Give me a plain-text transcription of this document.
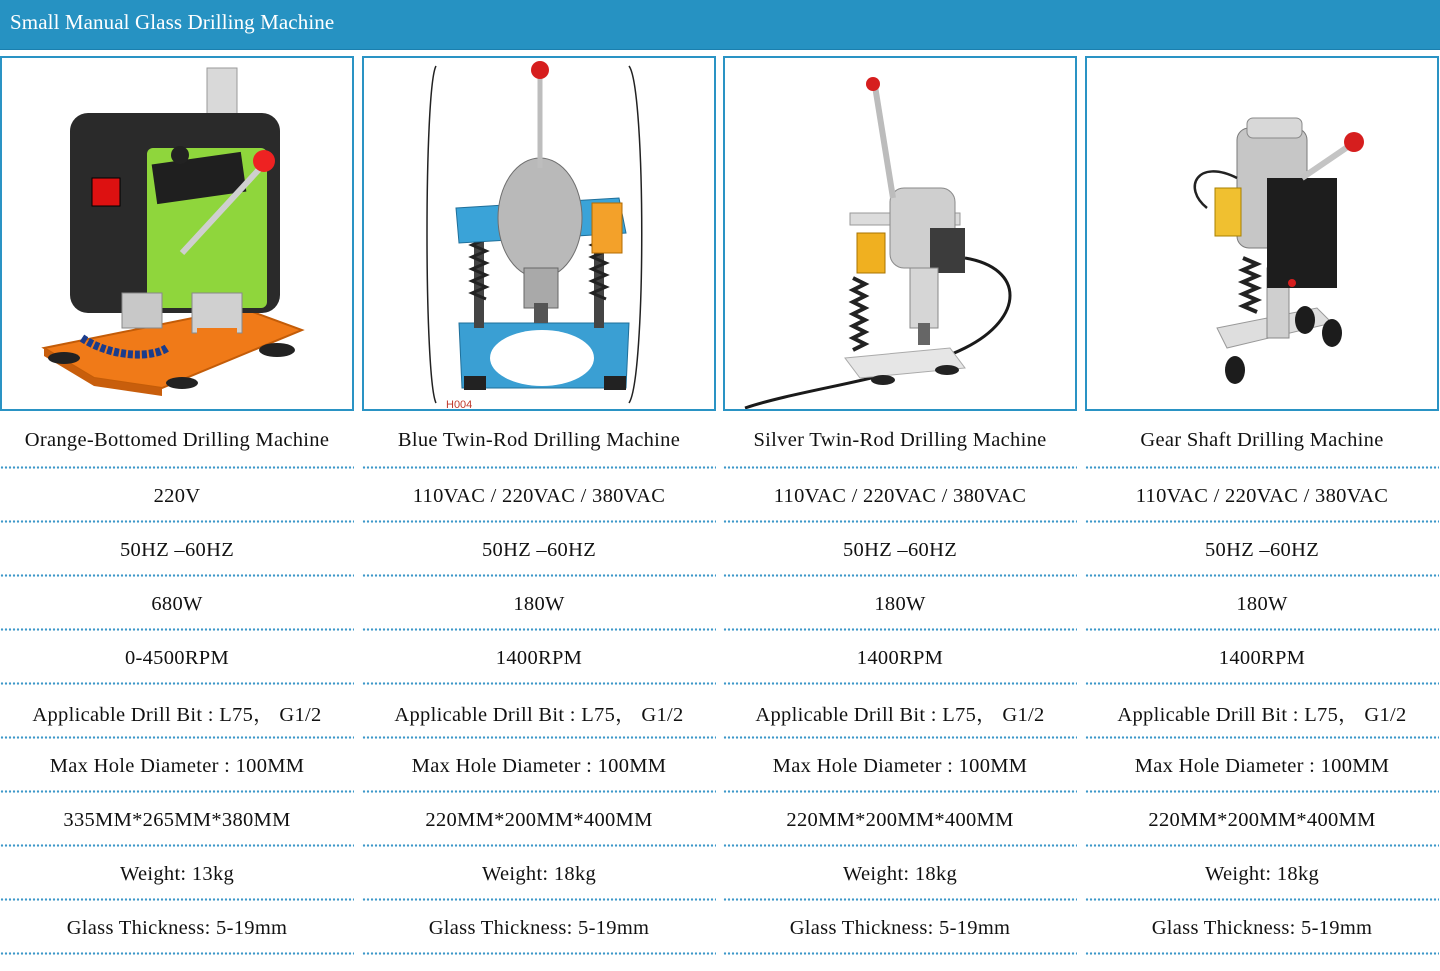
Small Manual Glass Drilling Machine
Orange-Bottomed Drilling Machine
220V
50HZ –60HZ
680W
0-4500RPM
Applicable Drill Bit : L75， G1/2
Max Hole Diameter : 100MM
335MM*265MM*380MM
Weight: 13kg
Glass Thickness: 5-19mm
H004
Blue Twin-Rod Drilling Machine
110VAC / 220VAC / 380VAC
50HZ –60HZ
180W
1400RPM
Applicable Drill Bit : L75， G1/2
Max Hole Diameter : 100MM
220MM*200MM*400MM
Weight: 18kg
Glass Thickness: 5-19mm
Silver Twin-Rod Drilling Machine
110VAC / 220VAC / 380VAC
50HZ –60HZ
180W
1400RPM
Applicable Drill Bit : L75， G1/2
Max Hole Diameter : 100MM
220MM*200MM*400MM
Weight: 18kg
Glass Thickness: 5-19mm
Gear Shaft Drilling Machine
110VAC / 220VAC / 380VAC
50HZ –60HZ
180W
1400RPM
Applicable Drill Bit : L75， G1/2
Max Hole Diameter : 100MM
220MM*200MM*400MM
Weight: 18kg
Glass Thickness: 5-19mm
